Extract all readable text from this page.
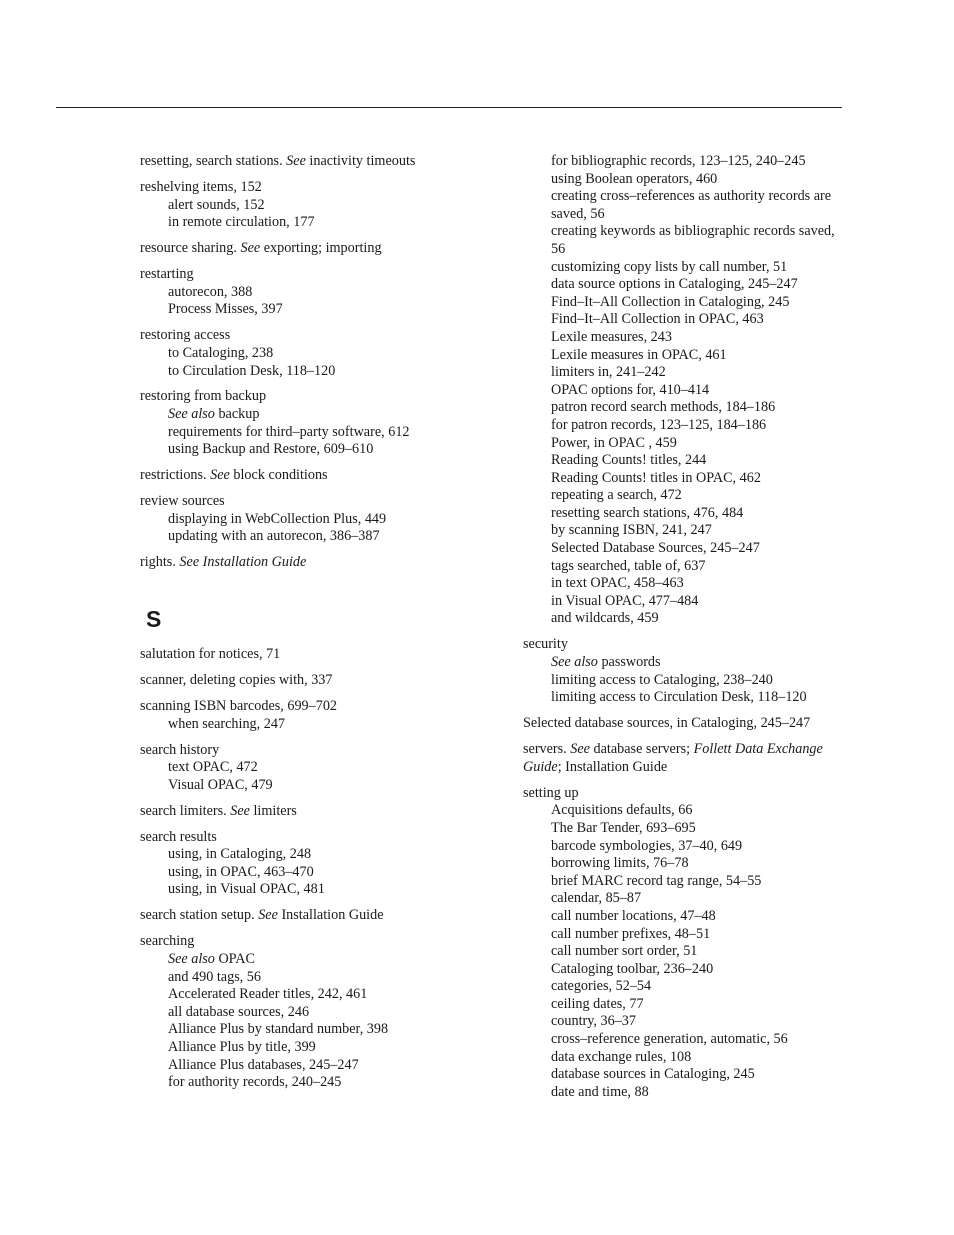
resetting, search stations. See inactivity timeouts
reshelving items, 152
alert sounds, 152
in remote circulation, 177
resource sharing. See exporting; importing
restarting
autorecon, 388
Process Misses, 397
restoring access
to Cataloging, 238
to Circulation Desk, 118–120
restoring from backup
See also backup
requirements for third–party software, 612
using Backup and Restore, 609–610
restrictions. See block conditions
review sources
displaying in WebCollection Plus, 449
updating with an autorecon, 386–387
rights. See Installation Guide
S
salutation for notices, 71
scanner, deleting copies with, 337
scanning ISBN barcodes, 699–702
when searching, 247
search history
text OPAC, 472
Visual OPAC, 479
search limiters. See limiters
search results
using, in Cataloging, 248
using, in OPAC, 463–470
using, in Visual OPAC, 481
search station setup. See Installation Guide
searching
See also OPAC
and 490 tags, 56
Accelerated Reader titles, 242, 461
all database sources, 246
Alliance Plus by standard number, 398
Alliance Plus by title, 399
Alliance Plus databases, 245–247
for authority records, 240–245
for bibliographic records, 123–125, 240–245
using Boolean operators, 460
creating cross–references as authority records are saved, 56
creating keywords as bibliographic records saved, 56
customizing copy lists by call number, 51
data source options in Cataloging, 245–247
Find–It–All Collection in Cataloging, 245
Find–It–All Collection in OPAC, 463
Lexile measures, 243
Lexile measures in OPAC, 461
limiters in, 241–242
OPAC options for, 410–414
patron record search methods, 184–186
for patron records, 123–125, 184–186
Power, in OPAC , 459
Reading Counts! titles, 244
Reading Counts! titles in OPAC, 462
repeating a search, 472
resetting search stations, 476, 484
by scanning ISBN, 241, 247
Selected Database Sources, 245–247
tags searched, table of, 637
in text OPAC, 458–463
in Visual OPAC, 477–484
and wildcards, 459
security
See also passwords
limiting access to Cataloging, 238–240
limiting access to Circulation Desk, 118–120
Selected database sources, in Cataloging, 245–247
servers. See database servers; Follett Data Exchange Guide; Installation Guide
setting up
Acquisitions defaults, 66
The Bar Tender, 693–695
barcode symbologies, 37–40, 649
borrowing limits, 76–78
brief MARC record tag range, 54–55
calendar, 85–87
call number locations, 47–48
call number prefixes, 48–51
call number sort order, 51
Cataloging toolbar, 236–240
categories, 52–54
ceiling dates, 77
country, 36–37
cross–reference generation, automatic, 56
data exchange rules, 108
database sources in Cataloging, 245
date and time, 88
